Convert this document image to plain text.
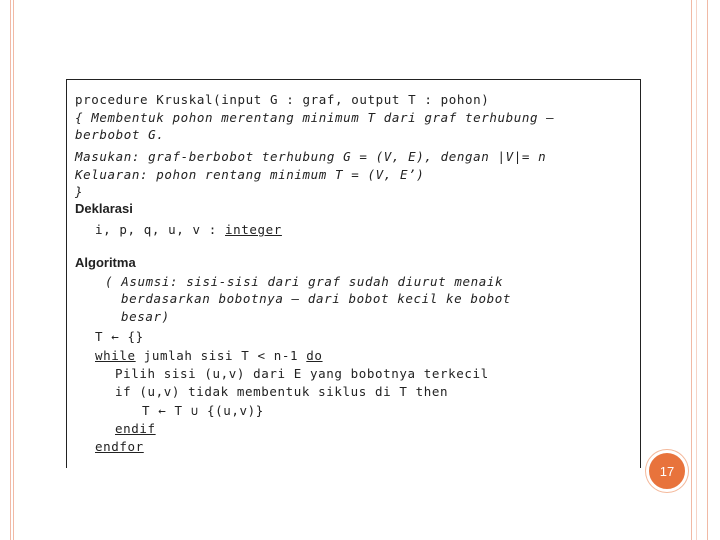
procedure Kruskal(input G : graf, output T : pohon)
{ Membentuk pohon merentang minimum T dari graf terhubung –
berbobot G.
Masukan: graf-berbobot terhubung G = (V, E), dengan |V|= n
Keluaran: pohon rentang minimum T = (V, E’)
}
Deklarasi
i, p, q, u, v : integer
Algoritma
( Asumsi: sisi-sisi dari graf sudah diurut menaik
berdasarkan bobotnya – dari bobot kecil ke bobot
besar)
T ← {}
while jumlah sisi T < n-1 do
Pilih sisi (u,v) dari E yang bobotnya terkecil
if (u,v) tidak membentuk siklus di T then
T ← T ∪ {(u,v)}
endif
endfor
17
